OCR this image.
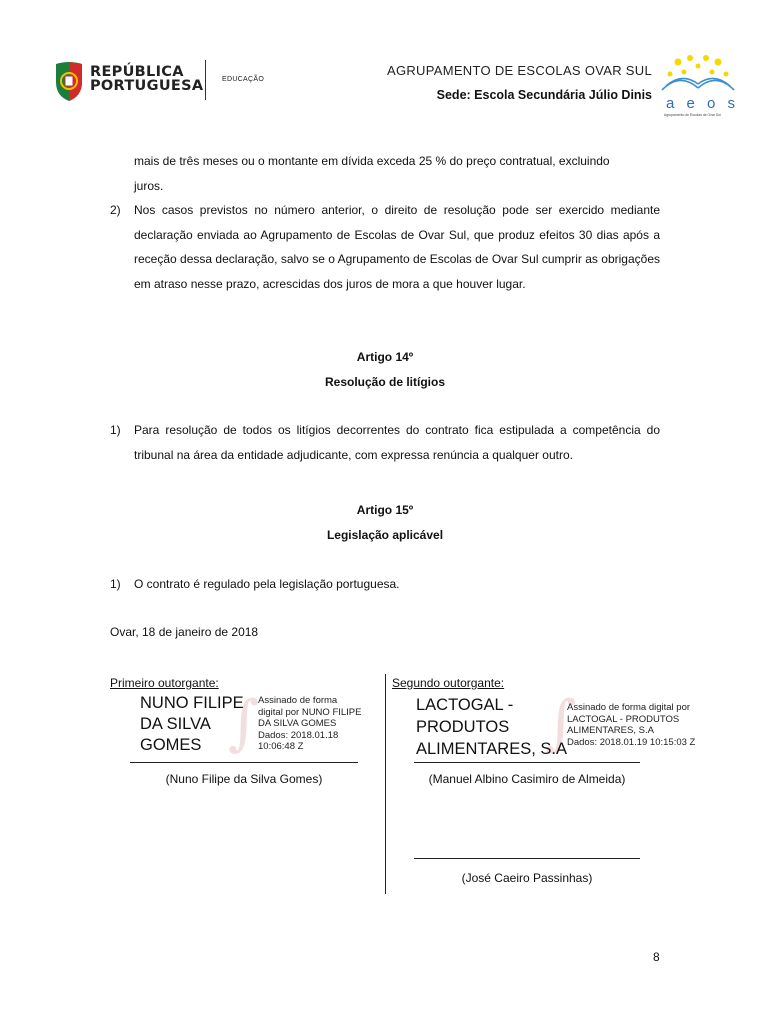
REPÚBLICA
PORTUGUESA	EDUCAÇÃO
AGRUPAMENTO DE ESCOLAS OVAR SUL
Sede: Escola Secundária Júlio Dinis a e o s
Agrupamento de Escolas de Ovar Sul
mais de três meses ou o montante em dívida exceda 25 % do preço contratual, excluindo
juros.
2) Nos casos previstos no número anterior, o direito de resolução pode ser exercido mediante declaração enviada ao Agrupamento de Escolas de Ovar Sul, que produz efeitos 30 dias após a receção dessa declaração, salvo se o Agrupamento de Escolas de Ovar Sul cumprir as obrigações em atraso nesse prazo, acrescidas dos juros de mora a que houver lugar.
Artigo 14º
Resolução de litígios
1) Para resolução de todos os litígios decorrentes do contrato fica estipulada a competência do tribunal na área da entidade adjudicante, com expressa renúncia a qualquer outro.
Artigo 15º
Legislação aplicável
1) O contrato é regulado pela legislação portuguesa.
Ovar, 18 de janeiro de 2018
Primeiro outorgante:
∫
NUNO FILIPE
DA SILVA
GOMES
Assinado de forma
digital por NUNO FILIPE
DA SILVA GOMES
Dados: 2018.01.18
10:06:48 Z
(Nuno Filipe da Silva Gomes)
Segundo outorgante:
∫
LACTOGAL -
PRODUTOS
ALIMENTARES, S.A
Assinado de forma digital por
LACTOGAL - PRODUTOS
ALIMENTARES, S.A
Dados: 2018.01.19 10:15:03 Z
(Manuel Albino Casimiro de Almeida)
(José Caeiro Passinhas)
8
